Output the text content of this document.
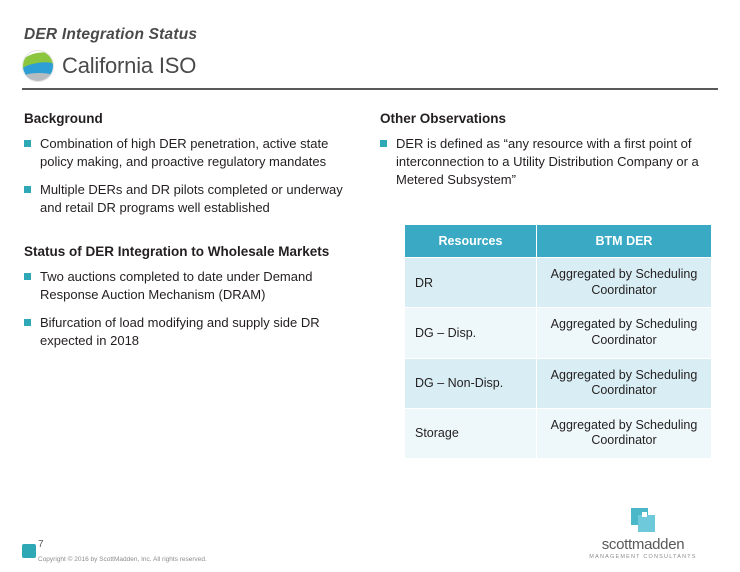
DER Integration Status
California ISO
Background
Combination of high DER penetration, active state policy making, and proactive regulatory mandates
Multiple DERs and DR pilots completed or underway and retail DR programs well established
Status of DER Integration to Wholesale Markets
Two auctions completed to date under Demand Response Auction Mechanism (DRAM)
Bifurcation of load modifying and supply side DR expected in 2018
Other Observations
DER is defined as “any resource with a first point of interconnection to a Utility Distribution Company or a Metered Subsystem”
Resources	BTM DER
DR	Aggregated by Scheduling Coordinator
DG – Disp.	Aggregated by Scheduling Coordinator
DG – Non-Disp.	Aggregated by Scheduling Coordinator
Storage	Aggregated by Scheduling Coordinator
7
Copyright © 2016 by ScottMadden, Inc. All rights reserved.
scottmadden
MANAGEMENT CONSULTANTS
